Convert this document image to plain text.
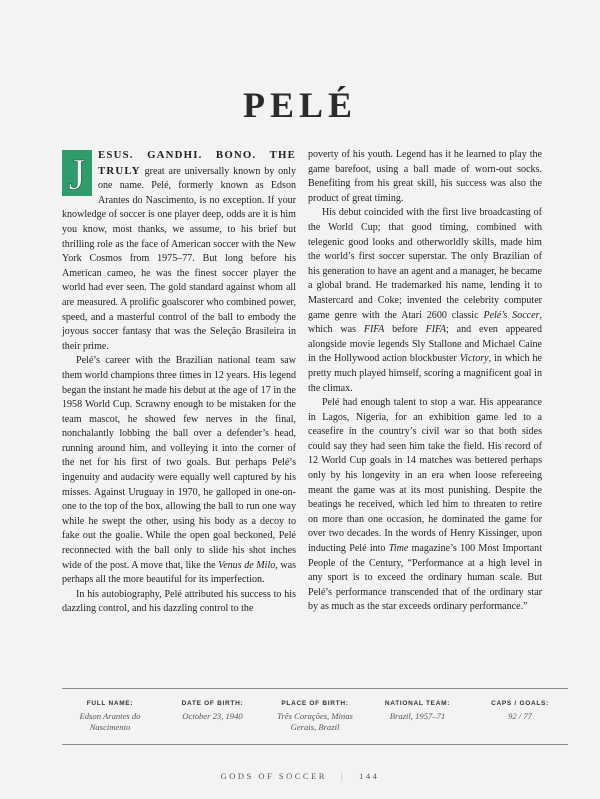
PELÉ

J ESUS. GANDHI. BONO. THE TRULY great are universally known by only one name. Pelé, formerly known as Edson Arantes do Nascimento, is no exception. If your knowledge of soccer is one player deep, odds are it is him you know, most thanks, we assume, to his brief but thrilling role as the face of American soccer with the New York Cosmos from 1975–77. But long before his American cameo, he was the finest soccer player the world had ever seen. The gold standard against whom all are measured. A prolific goalscorer who combined power, speed, and a masterful control of the ball to embody the joyous soccer fantasy that was the Seleção Brasileira in their prime.

Pelé’s career with the Brazilian national team saw them world champions three times in 12 years. His legend began the instant he made his debut at the age of 17 in the 1958 World Cup. Scrawny enough to be mistaken for the team mascot, he showed few nerves in the final, nonchalantly lobbing the ball over a defender’s head, running around him, and volleying it into the corner of the net for his first of two goals. But perhaps Pelé’s ingenuity and audacity were equally well captured by his misses. Against Uruguay in 1970, he galloped in one-on-one to the top of the box, allowing the ball to run one way while he swept the other, using his body as a decoy to fake out the goalie. While the open goal beckoned, Pelé reconnected with the ball only to slide his shot inches wide of the post. A move that, like the Venus de Milo, was perhaps all the more beautiful for its imperfection.

In his autobiography, Pelé attributed his success to his dazzling control, and his dazzling control to the

poverty of his youth. Legend has it he learned to play the game barefoot, using a ball made of worn-out socks. Benefiting from his great skill, his success was also the product of great timing.

His debut coincided with the first live broadcasting of the World Cup; that good timing, combined with telegenic good looks and otherworldly skills, made him the world’s first soccer superstar. The only Brazilian of his generation to have an agent and a manager, he became a global brand. He trademarked his name, lending it to Mastercard and Coke; invented the celebrity computer game genre with the Atari 2600 classic Pelé’s Soccer, which was FIFA before FIFA; and even appeared alongside movie legends Sly Stallone and Michael Caine in the Hollywood action blockbuster Victory, in which he pretty much played himself, scoring a magnificent goal in the climax.

Pelé had enough talent to stop a war. His appearance in Lagos, Nigeria, for an exhibition game led to a ceasefire in the country’s civil war so that both sides could say they had seen him take the field. His record of 12 World Cup goals in 14 matches was bettered perhaps only by his longevity in an era when loose refereeing meant the game was at its most punishing. Despite the beatings he received, which led him to threaten to retire on more than one occasion, he dominated the game for over two decades. In the words of Henry Kissinger, upon inducting Pelé into Time magazine’s 100 Most Important People of the Century, “Performance at a high level in any sport is to exceed the ordinary human scale. But Pelé’s performance transcended that of the ordinary star by as much as the star exceeds ordinary performance.”

FULL NAME:
Edson Arantes do Nascimento
DATE OF BIRTH:
October 23, 1940
PLACE OF BIRTH:
Três Corações, Minas Gerais, Brazil
NATIONAL TEAM:
Brazil, 1957–71
CAPS / GOALS:
92 / 77
GODS OF SOCCER | 144
